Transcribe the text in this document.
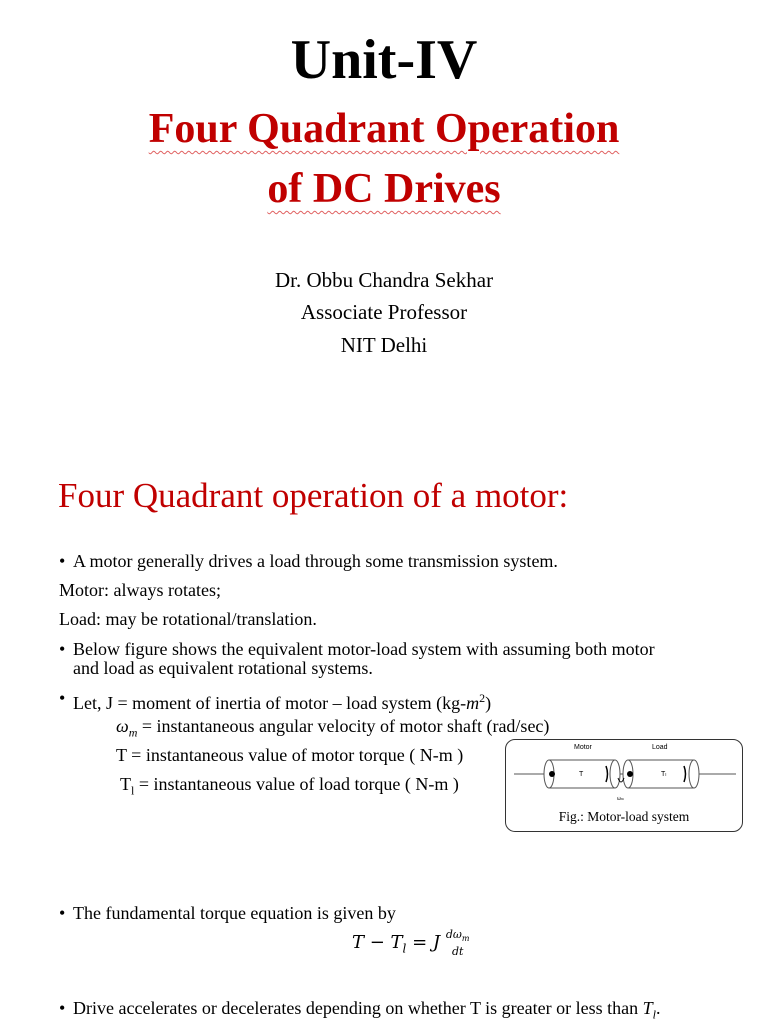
Unit-IV
Four Quadrant Operation
of DC Drives
Dr. Obbu Chandra Sekhar
Associate Professor
NIT Delhi
Four Quadrant operation of a motor:
• A motor generally drives a load through some transmission system.
Motor: always rotates;
Load: may be rotational/translation.
• Below figure shows the equivalent motor-load system with assuming both motor
and load as equivalent rotational systems.
• Let, J = moment of inertia of motor – load system $(kg-m^2)$
$\omega_m$ = instantaneous angular velocity of motor shaft (rad/sec)
T = instantaneous value of motor torque ( N-m )
$T_l$ = instantaneous value of load torque ( N-m )
Motor	Load
T	Tₗ
ωₘ
Fig.: Motor-load system
• The fundamental torque equation is given by
$T - T_l = J$ $d\omega_m$
dt
• Drive accelerates or decelerates depending on whether T is greater or less than $T_l$.
